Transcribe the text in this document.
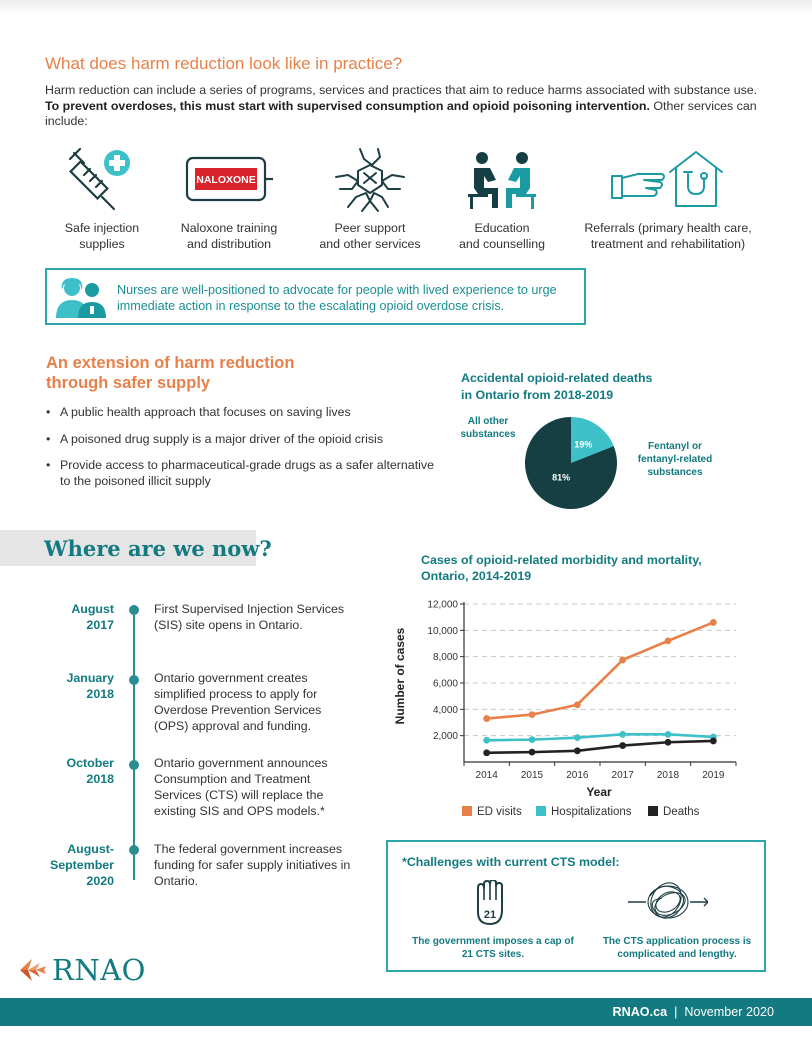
What does harm reduction look like in practice?

Harm reduction can include a series of programs, services and practices that aim to reduce harms associated with substance use. To prevent overdoses, this must start with supervised consumption and opioid poisoning intervention. Other services can include:

Safe injection
supplies
NALOXONE
Naloxone training
and distribution
Peer support
and other services
Education
and counselling
Referrals (primary health care,
treatment and rehabilitation)
Nurses are well-positioned to advocate for people with lived experience to urge immediate action in response to the escalating opioid overdose crisis.
An extension of harm reduction
through safer supply
• A public health approach that focuses on saving lives
• A poisoned drug supply is a major driver of the opioid crisis
• Provide access to pharmaceutical-grade drugs as a safer alternative to the poisoned illicit supply
Accidental opioid-related deaths
in Ontario from 2018-2019
All other
substances
Fentanyl or
fentanyl-related
substances
19%
81%
Where are we now?
August
2017
First Supervised Injection Services (SIS) site opens in Ontario.
January
2018
Ontario government creates simplified process to apply for Overdose Prevention Services (OPS) approval and funding.
October
2018
Ontario government announces Consumption and Treatment Services (CTS) will replace the existing SIS and OPS models.*
August-
September
2020
The federal government increases funding for safer supply initiatives in Ontario.
Cases of opioid-related morbidity and mortality,
Ontario, 2014-2019
2,000
4,000
6,000
8,000
10,000
12,000
2014 2015 2016 2017 2018 2019
Number of cases
Year
ED visits	Hospitalizations	Deaths
*Challenges with current CTS model:
21
The government imposes a cap of 21 CTS sites.
The CTS application process is complicated and lengthy.
RNAO
RNAO.ca | November 2020
